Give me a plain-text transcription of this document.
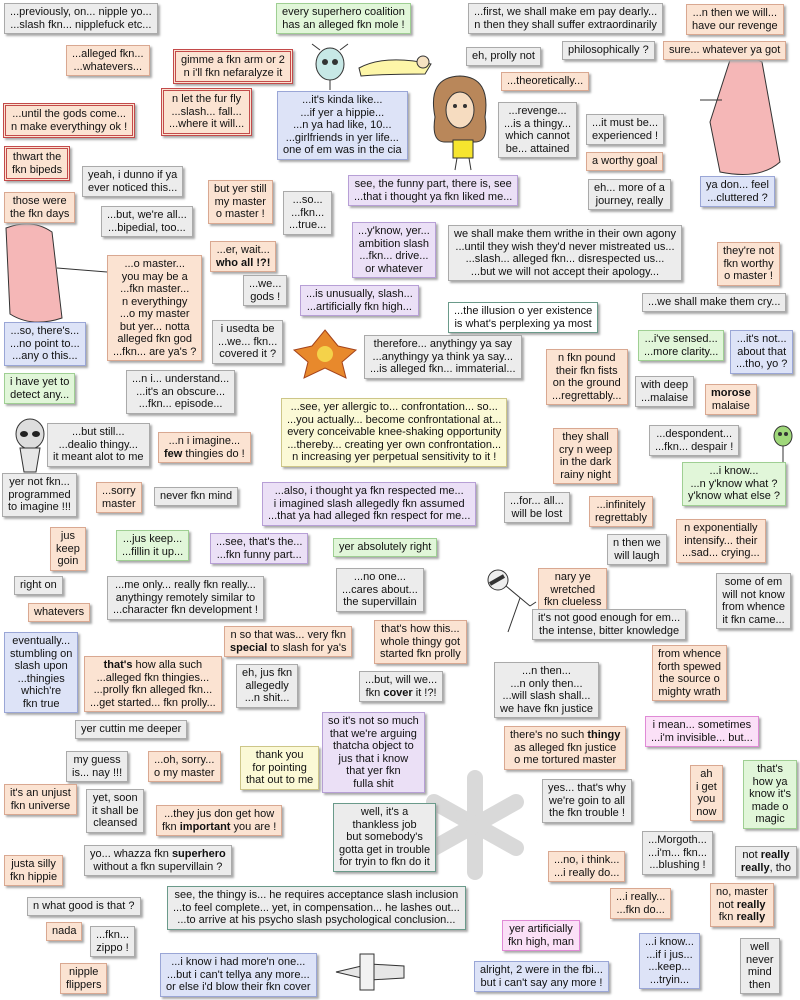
...previously, on... nipple yo...
...slash fkn... nipplefuck etc...
every superhero coalition
has an alleged fkn mole !
...first, we shall make em pay dearly...
n then they shall suffer extraordinarily
...n then we will...
have our revenge
...alleged fkn...
...whatevers...
gimme a fkn arm or 2
n i'll fkn nefaralyze it
eh, prolly not	philosophically ?	sure... whatever ya got
...theoretically...
n let the fur fly
...slash... fall...
...where it will...
...it's kinda like...
...if yer a hippie...
...n ya had like, 10...
...girlfriends in yer life...
one of em was in the cia
...until the gods come...
n make everythingy ok !
...revenge...
...is a thingy...
which cannot
be... attained
...it must be...
experienced !
thwart the
fkn bipeds
a worthy goal
yeah, i dunno if ya
ever noticed this...	see, the funny part, there is, see
...that i thought ya fkn liked me...
eh... more of a
journey, really
ya don... feel
...cluttered ?
but yer still
my master
o master !
...so...
...fkn...
...true...
those were
the fkn days	...but, we're all...
...bipedial, too...	...y'know, yer...
ambition slash
...fkn... drive...
or whatever
we shall make them writhe in their own agony
...until they wish they'd never mistreated us...
...slash... alleged fkn... disrespected us...
...but we will not accept their apology...
...er, wait...
who all !?!
they're not
fkn worthy
o master !
...o master...
you may be a
...fkn master...
n everythingy
...o my master
but yer... notta
alleged fkn god
...fkn... are ya's ?
...we...
gods !	...is unusually, slash...
...artificially fkn high...	...we shall make them cry...
...the illusion o yer existence
is what's perplexing ya most
...so, there's...
...no point to...
...any o this...
i usedta be
...we... fkn...
covered it ?
...i've sensed...
...more clarity...
...it's not...
about that
...tho, yo ?
therefore... anythingy ya say
...anythingy ya think ya say...
...is alleged fkn... immaterial...
n fkn pound
their fkn fists
on the ground
...regrettably...
i have yet to
detect any...
...n i... understand...
...it's an obscure...
...fkn... episode...
with deep
...malaise	morose
malaise
...see, yer allergic to... confrontation... so...
...you actually... become confrontational at...
every conceivable knee-shaking opportunity
...thereby... creating yer own confrontation...
n increasing yer perpetual sensitivity to it !
...but still...
...dealio thingy...
it meant alot to me
...despondent...
...fkn... despair !
they shall
cry n weep
in the dark
rainy night
...n i imagine...
few thingies do !
...i know...
...n y'know what ?
y'know what else ?
yer not fkn...
programmed
to imagine !!!
...sorry
master
never fkn mind	...also, i thought ya fkn respected me...
i imagined slash allegedly fkn assumed
...that ya had alleged fkn respect for me...
...for... all...
will be lost
...infinitely
regrettably
jus
keep
goin
...jus keep...
...fillin it up...
...see, that's the...
...fkn funny part...
yer absolutely right	n then we
will laugh
n exponentially
intensify... their
...sad... crying...
...no one...
...cares about...
the supervillain
nary ye
wretched
fkn clueless
right on	...me only... really fkn really...
anythingy remotely similar to
...character fkn development !
some of em
will not know
from whence
it fkn came...
whatevers	it's not good enough for em...
the intense, bitter knowledge
eventually...
stumbling on
slash upon
...thingies
which're
fkn true
n so that was... very fkn
special to slash for ya's
that's how this...
whole thingy got
started fkn prolly
that's how alla such
...alleged fkn thingies...
...prolly fkn alleged fkn...
...get started... fkn prolly...
eh, jus fkn
allegedly
...n shit...
...n then...
...n only then...
...will slash shall...
we have fkn justice
from whence
forth spewed
the source o
mighty wrath
...but, will we...
fkn cover it !?!
so it's not so much
that we're arguing
thatcha object to
jus that i know
that yer fkn
fulla shit
yer cuttin me deeper	i mean... sometimes
...i'm invisible... but...
there's no such thingy
as alleged fkn justice
o me tortured master
my guess
is... nay !!!
...oh, sorry...
o my master
thank you
for pointing
that out to me	ah
i get
you
now
that's
how ya
know it's
made o
magic
it's an unjust
fkn universe
yet, soon
it shall be
cleansed
yes... that's why
we're goin to all
the fkn trouble !
...they jus don get how
fkn important you are !
well, it's a
thankless job
but somebody's
gotta get in trouble
for tryin to fkn do it
...Morgoth...
...i'm... fkn...
...blushing !
yo... whazza fkn superhero
without a fkn supervillain ?
justa silly
fkn hippie
...no, i think...
...i really do...
not really
really, tho
see, the thingy is... he requires acceptance slash inclusion
...to feel complete... yet, in compensation... he lashes out...
...to arrive at his psycho slash psychological conclusion...
...i really...
...fkn do...
no, master
not really
fkn really
n what good is that ?
...fkn...
zippo !
nada	yer artificially
fkn high, man	...i know...
...if i jus...
...keep...
...tryin...
well
never
mind
then
...i know i had more'n one...
...but i can't tellya any more...
or else i'd blow their fkn cover
nipple
flippers
alright, 2 were in the fbi...
but i can't say any more !
